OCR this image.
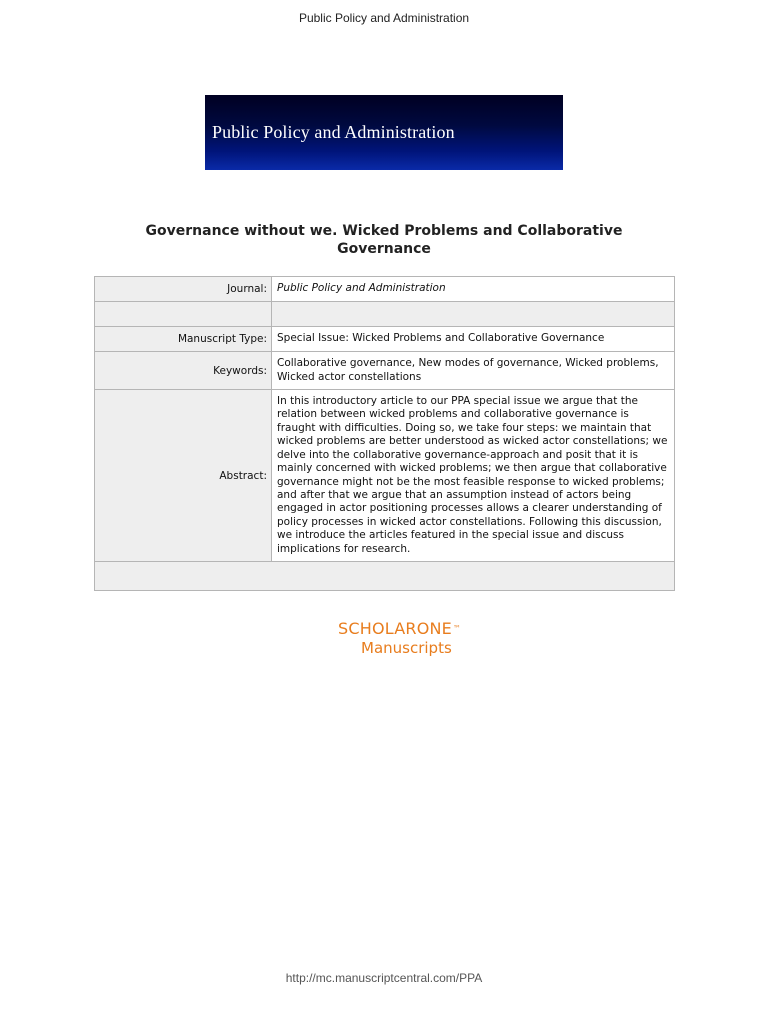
Public Policy and Administration
Public Policy and Administration
Governance without we. Wicked Problems and Collaborative Governance
Journal:	Public Policy and Administration

Manuscript Type:	Special Issue: Wicked Problems and Collaborative Governance
Keywords:	Collaborative governance, New modes of governance, Wicked problems, Wicked actor constellations
Abstract:	In this introductory article to our PPA special issue we argue that the relation between wicked problems and collaborative governance is fraught with difficulties. Doing so, we take four steps: we maintain that wicked problems are better understood as wicked actor constellations; we delve into the collaborative governance-approach and posit that it is mainly concerned with wicked problems; we then argue that collaborative governance might not be the most feasible response to wicked problems; and after that we argue that an assumption instead of actors being engaged in actor positioning processes allows a clearer understanding of policy processes in wicked actor constellations. Following this discussion, we introduce the articles featured in the special issue and discuss implications for research.

SCHOLARONE™
Manuscripts
http://mc.manuscriptcentral.com/PPA
